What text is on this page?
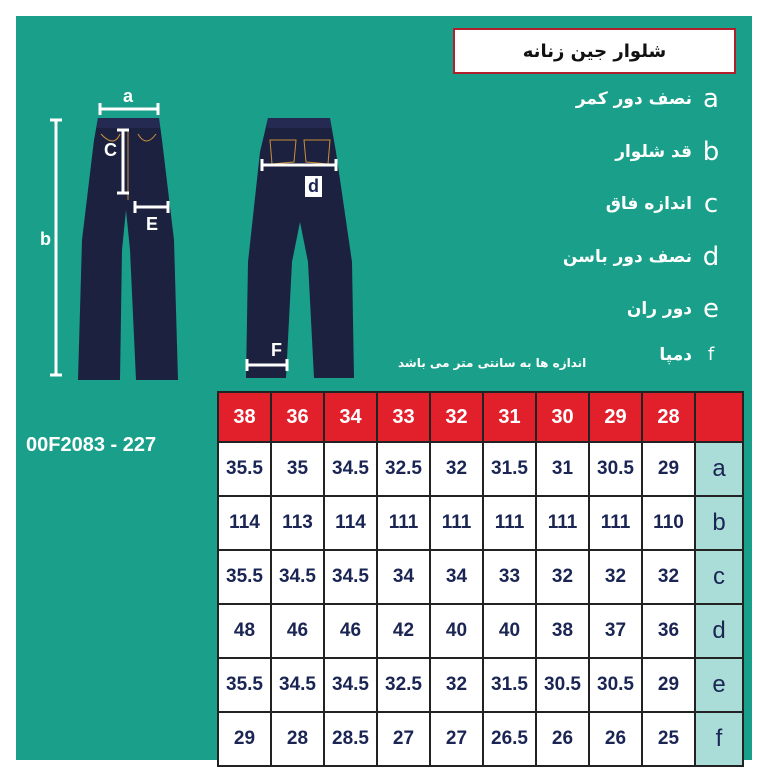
شلوار جین زنانه
نصف دور کمر a
قد شلوار b
اندازه فاق c
نصف دور باسن d
دور ران e
دمپا f
اندازه ها به سانتی متر می باشد
00F2083 - 227
a
b
C
E
d
F
38	36	34	33	32	31	30	29	28	
35.5	35	34.5	32.5	32	31.5	31	30.5	29	a
114	113	114	111	111	111	111	111	110	b
35.5	34.5	34.5	34	34	33	32	32	32	c
48	46	46	42	40	40	38	37	36	d
35.5	34.5	34.5	32.5	32	31.5	30.5	30.5	29	e
29	28	28.5	27	27	26.5	26	26	25	f
